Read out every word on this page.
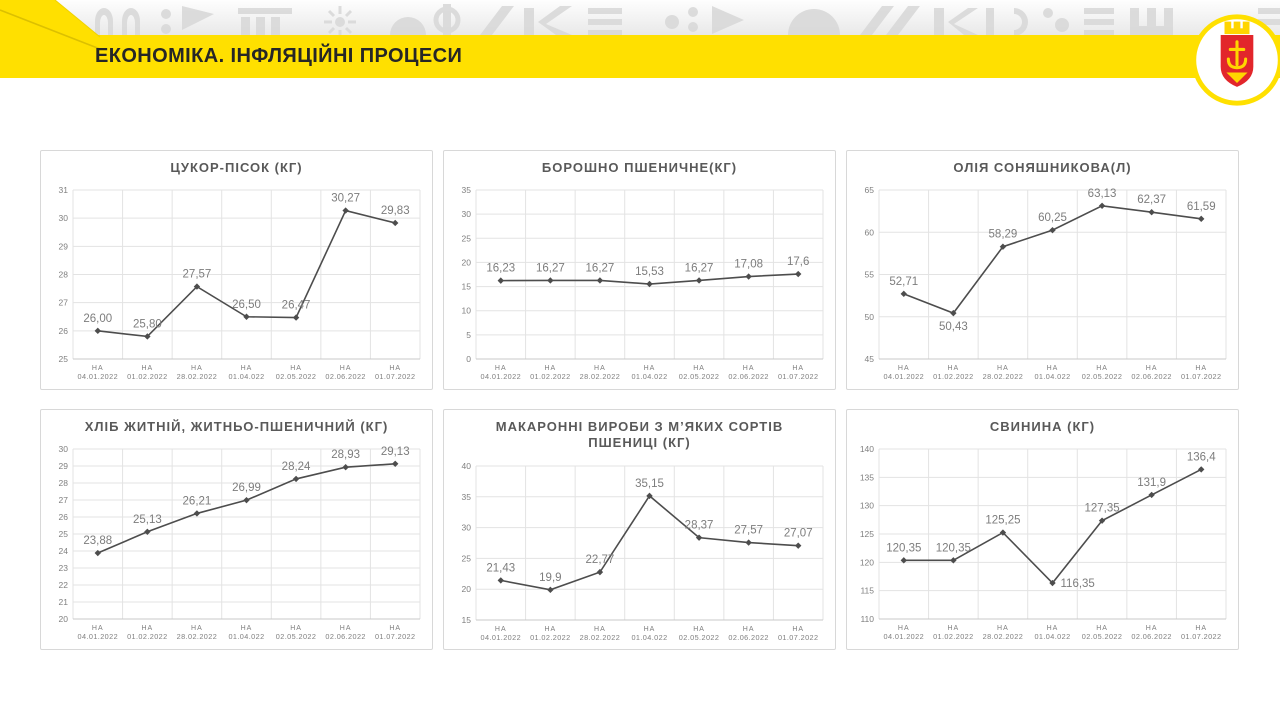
ЕКОНОМІКА. ІНФЛЯЦІЙНІ ПРОЦЕСИ
ЦУКОР-ПІСОК (КГ)
25
26
27
28
29
30
31
НА
04.01.2022
НА
01.02.2022
НА
28.02.2022
НА
01.04.022
НА
02.05.2022
НА
02.06.2022
НА
01.07.2022
26,00 25,80
27,57
26,50 26,47
30,27
29,83
БОРОШНО ПШЕНИЧНЕ(КГ)
0
5
10
15
20
25
30
35
НА
04.01.2022
НА
01.02.2022
НА
28.02.2022
НА
01.04.022
НА
02.05.2022
НА
02.06.2022
НА
01.07.2022
16,23 16,27 16,27 15,53 16,27 17,08 17,6
ОЛІЯ СОНЯШНИКОВА(Л)
45
50
55
60
65
НА
04.01.2022
НА
01.02.2022
НА
28.02.2022
НА
01.04.022
НА
02.05.2022
НА
02.06.2022
НА
01.07.2022
52,71
50,43
58,29
60,25
63,13
62,37
61,59
ХЛІБ ЖИТНІЙ, ЖИТНЬО-ПШЕНИЧНИЙ (КГ)
20
21
22
23
24
25
26
27
28
29
30
НА
04.01.2022
НА
01.02.2022
НА
28.02.2022
НА
01.04.022
НА
02.05.2022
НА
02.06.2022
НА
01.07.2022
23,88
25,13
26,21
26,99
28,24
28,93 29,13
МАКАРОННІ ВИРОБИ З М’ЯКИХ СОРТІВ ПШЕНИЦІ (КГ)
15
20
25
30
35
40
НА
04.01.2022
НА
01.02.2022
НА
28.02.2022
НА
01.04.022
НА
02.05.2022
НА
02.06.2022
НА
01.07.2022
21,43
19,9
22,77
35,15
28,37 27,57 27,07
СВИНИНА (КГ)
110
115
120
125
130
135
140
НА
04.01.2022
НА
01.02.2022
НА
28.02.2022
НА
01.04.022
НА
02.05.2022
НА
02.06.2022
НА
01.07.2022
120,35 120,35
125,25
116,35
127,35
131,9
136,4
